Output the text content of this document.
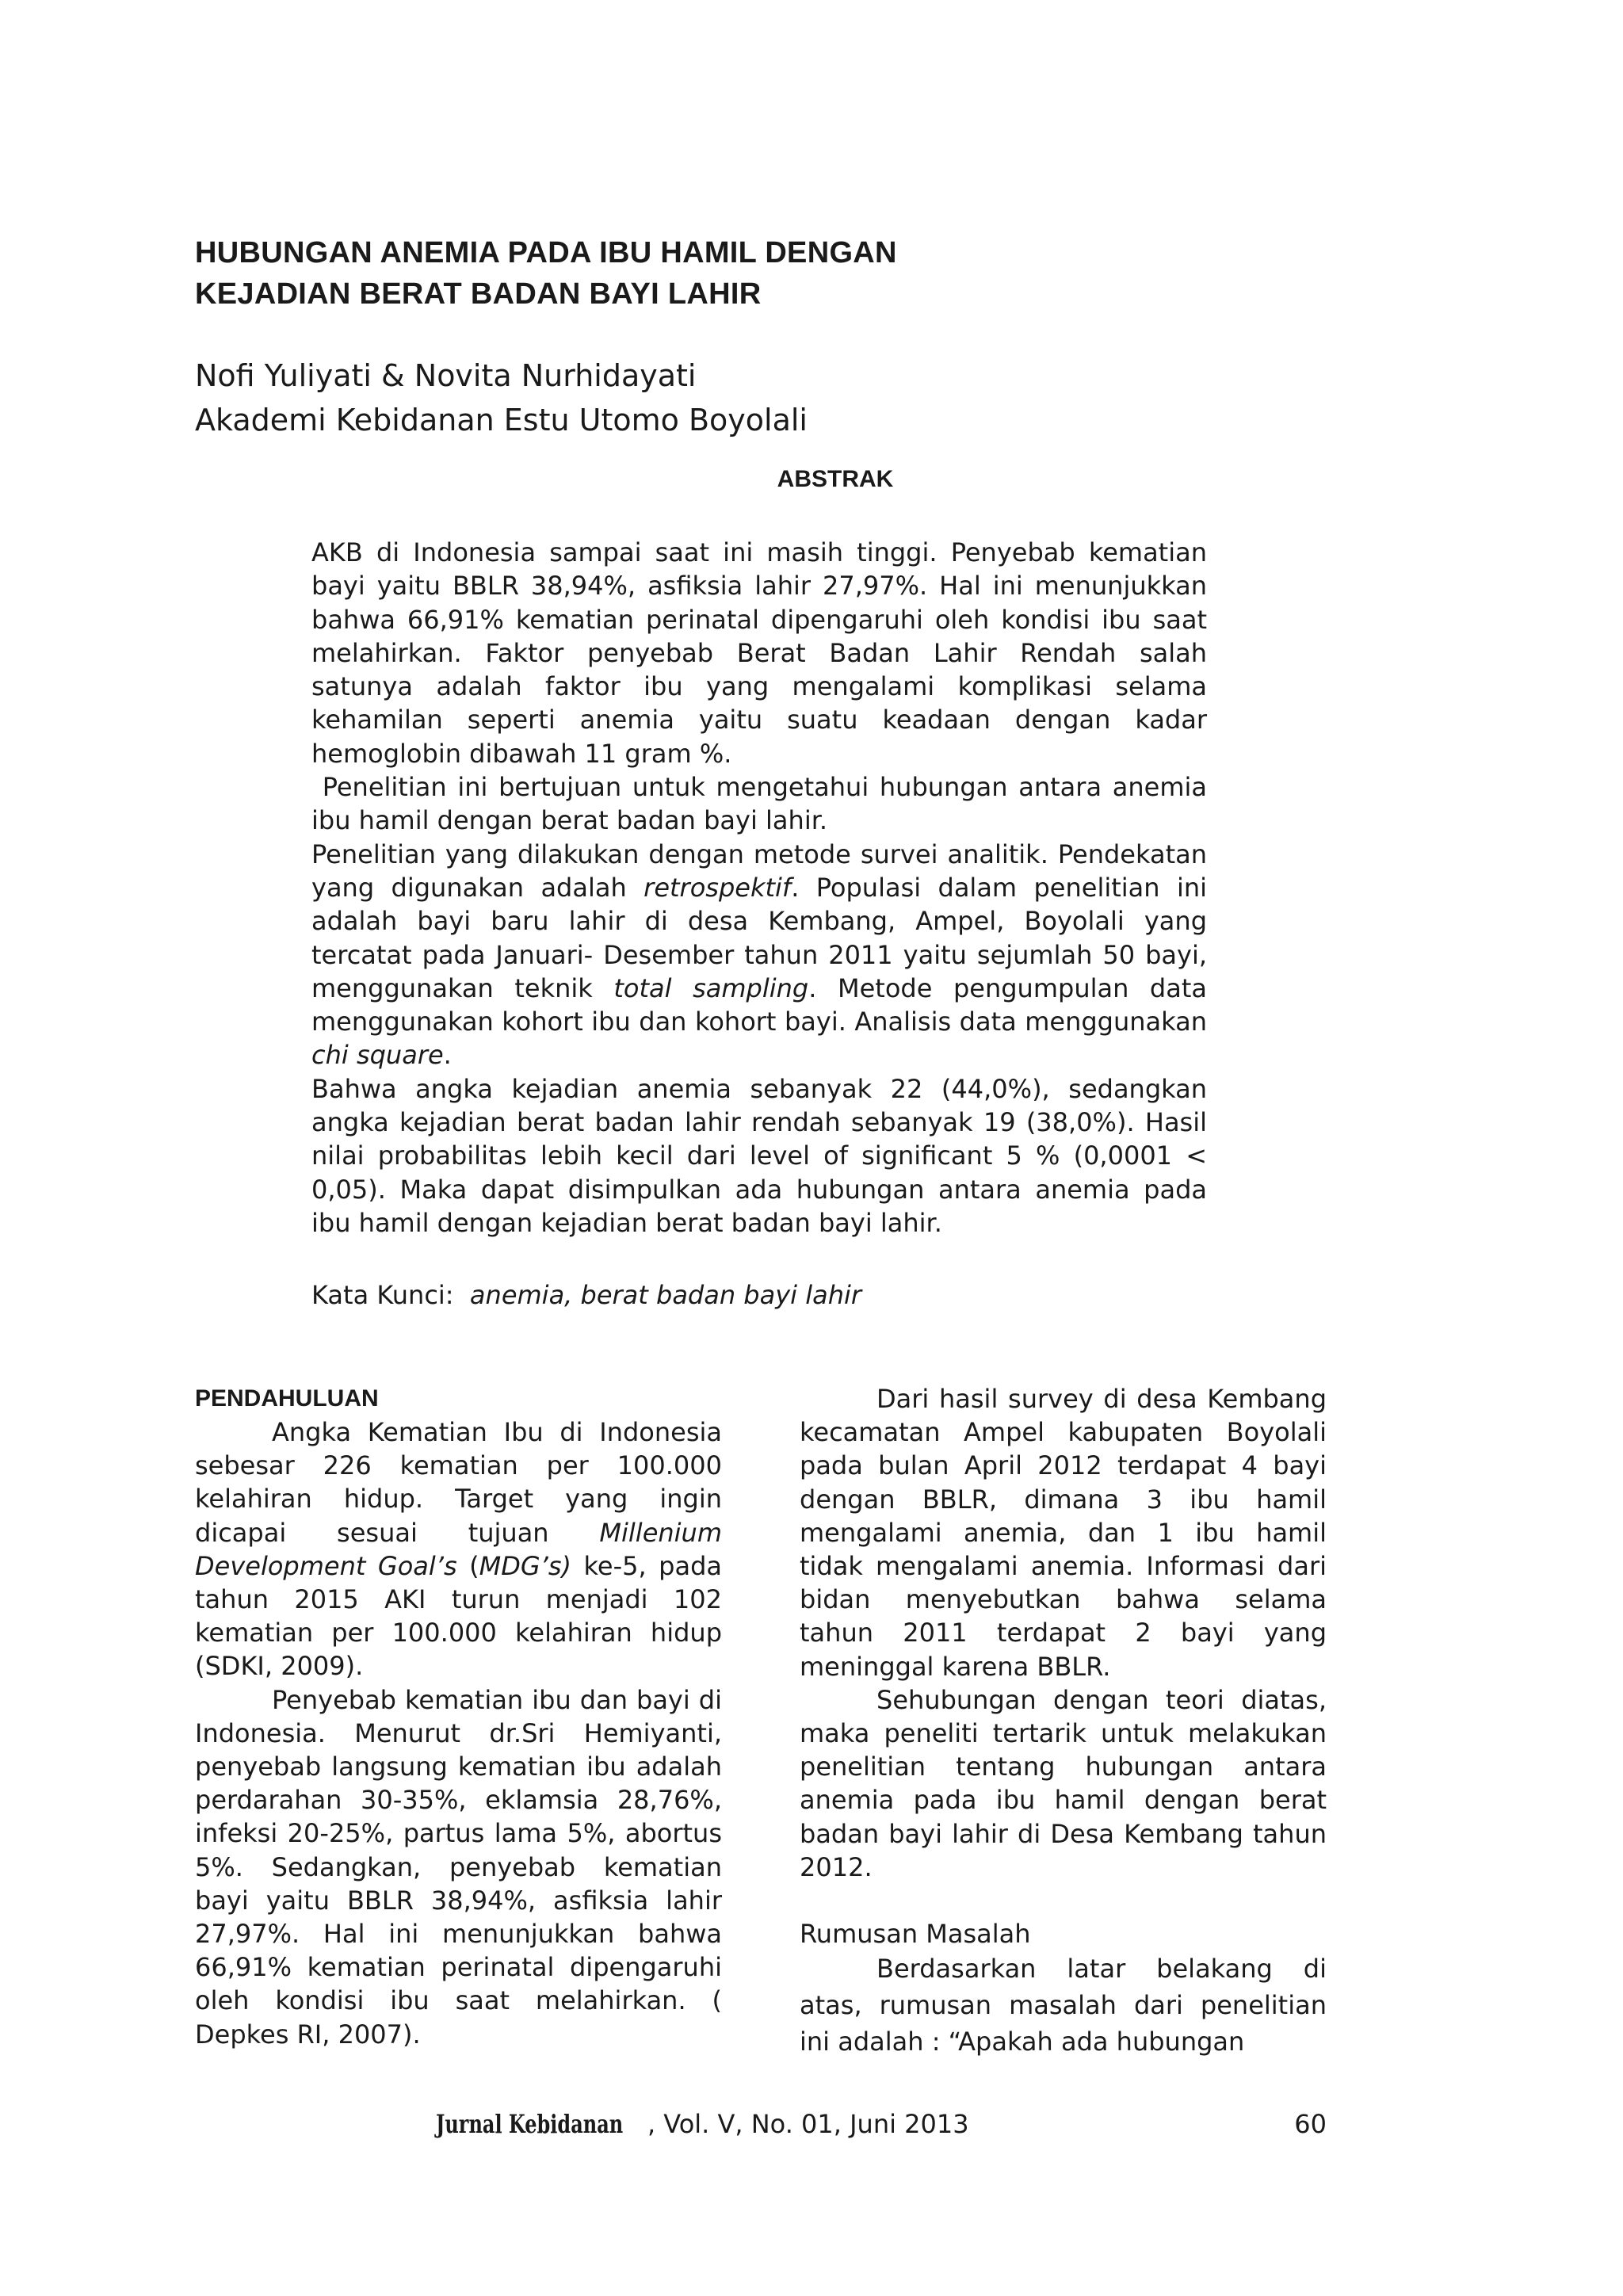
HUBUNGAN ANEMIA PADA IBU HAMIL DENGAN
KEJADIAN BERAT BADAN BAYI LAHIR
Nofi Yuliyati & Novita Nurhidayati
Akademi Kebidanan Estu Utomo Boyolali
ABSTRAK

AKB di Indonesia sampai saat ini masih tinggi. Penyebab kematian bayi yaitu BBLR 38,94%, asfiksia lahir 27,97%. Hal ini menunjukkan bahwa 66,91% kematian perinatal dipengaruhi oleh kondisi ibu saat melahirkan. Faktor penyebab Berat Badan Lahir Rendah salah satunya adalah faktor ibu yang mengalami komplikasi selama kehamilan seperti anemia yaitu suatu keadaan dengan kadar hemoglobin dibawah 11 gram %.

Penelitian ini bertujuan untuk mengetahui hubungan antara anemia ibu hamil dengan berat badan bayi lahir.

Penelitian yang dilakukan dengan metode survei analitik. Pendekatan yang digunakan adalah retrospektif. Populasi dalam penelitian ini adalah bayi baru lahir di desa Kembang, Ampel, Boyolali yang tercatat pada Januari- Desember tahun 2011 yaitu sejumlah 50 bayi, menggunakan teknik total sampling. Metode pengumpulan data menggunakan kohort ibu dan kohort bayi. Analisis data menggunakan chi square.

Bahwa angka kejadian anemia sebanyak 22 (44,0%), sedangkan angka kejadian berat badan lahir rendah sebanyak 19 (38,0%). Hasil nilai probabilitas lebih kecil dari level of significant 5 % (0,0001 < 0,05). Maka dapat disimpulkan ada hubungan antara anemia pada ibu hamil dengan kejadian berat badan bayi lahir.

Kata Kunci:  anemia, berat badan bayi lahir
PENDAHULUAN

Angka Kematian Ibu di Indonesia sebesar 226 kematian per 100.000 kelahiran hidup. Target yang ingin dicapai sesuai tujuan Millenium Development Goal’s (MDG’s) ke-5, pada tahun 2015 AKI turun menjadi 102 kematian per 100.000 kelahiran hidup (SDKI, 2009).

Penyebab kematian ibu dan bayi di Indonesia. Menurut dr.Sri Hemiyanti, penyebab langsung kematian ibu adalah perdarahan 30-35%, eklamsia 28,76%, infeksi 20-25%, partus lama 5%, abortus 5%. Sedangkan, penyebab kematian bayi yaitu BBLR 38,94%, asfiksia lahir 27,97%. Hal ini menunjukkan bahwa 66,91% kematian perinatal dipengaruhi oleh kondisi ibu saat melahirkan. ( Depkes RI, 2007).

Dari hasil survey di desa Kembang kecamatan Ampel kabupaten Boyolali pada bulan April 2012 terdapat 4 bayi dengan BBLR, dimana 3 ibu hamil mengalami anemia, dan 1 ibu hamil tidak mengalami anemia. Informasi dari bidan menyebutkan bahwa selama tahun 2011 terdapat 2 bayi yang meninggal karena BBLR.

Sehubungan dengan teori diatas, maka peneliti tertarik untuk melakukan penelitian tentang hubungan antara anemia pada ibu hamil dengan berat badan bayi lahir di Desa Kembang tahun 2012.

Rumusan Masalah

Berdasarkan latar belakang di atas, rumusan masalah dari penelitian ini adalah : “Apakah ada hubungan

Jurnal Kebidanan , Vol. V, No. 01, Juni 2013	60
